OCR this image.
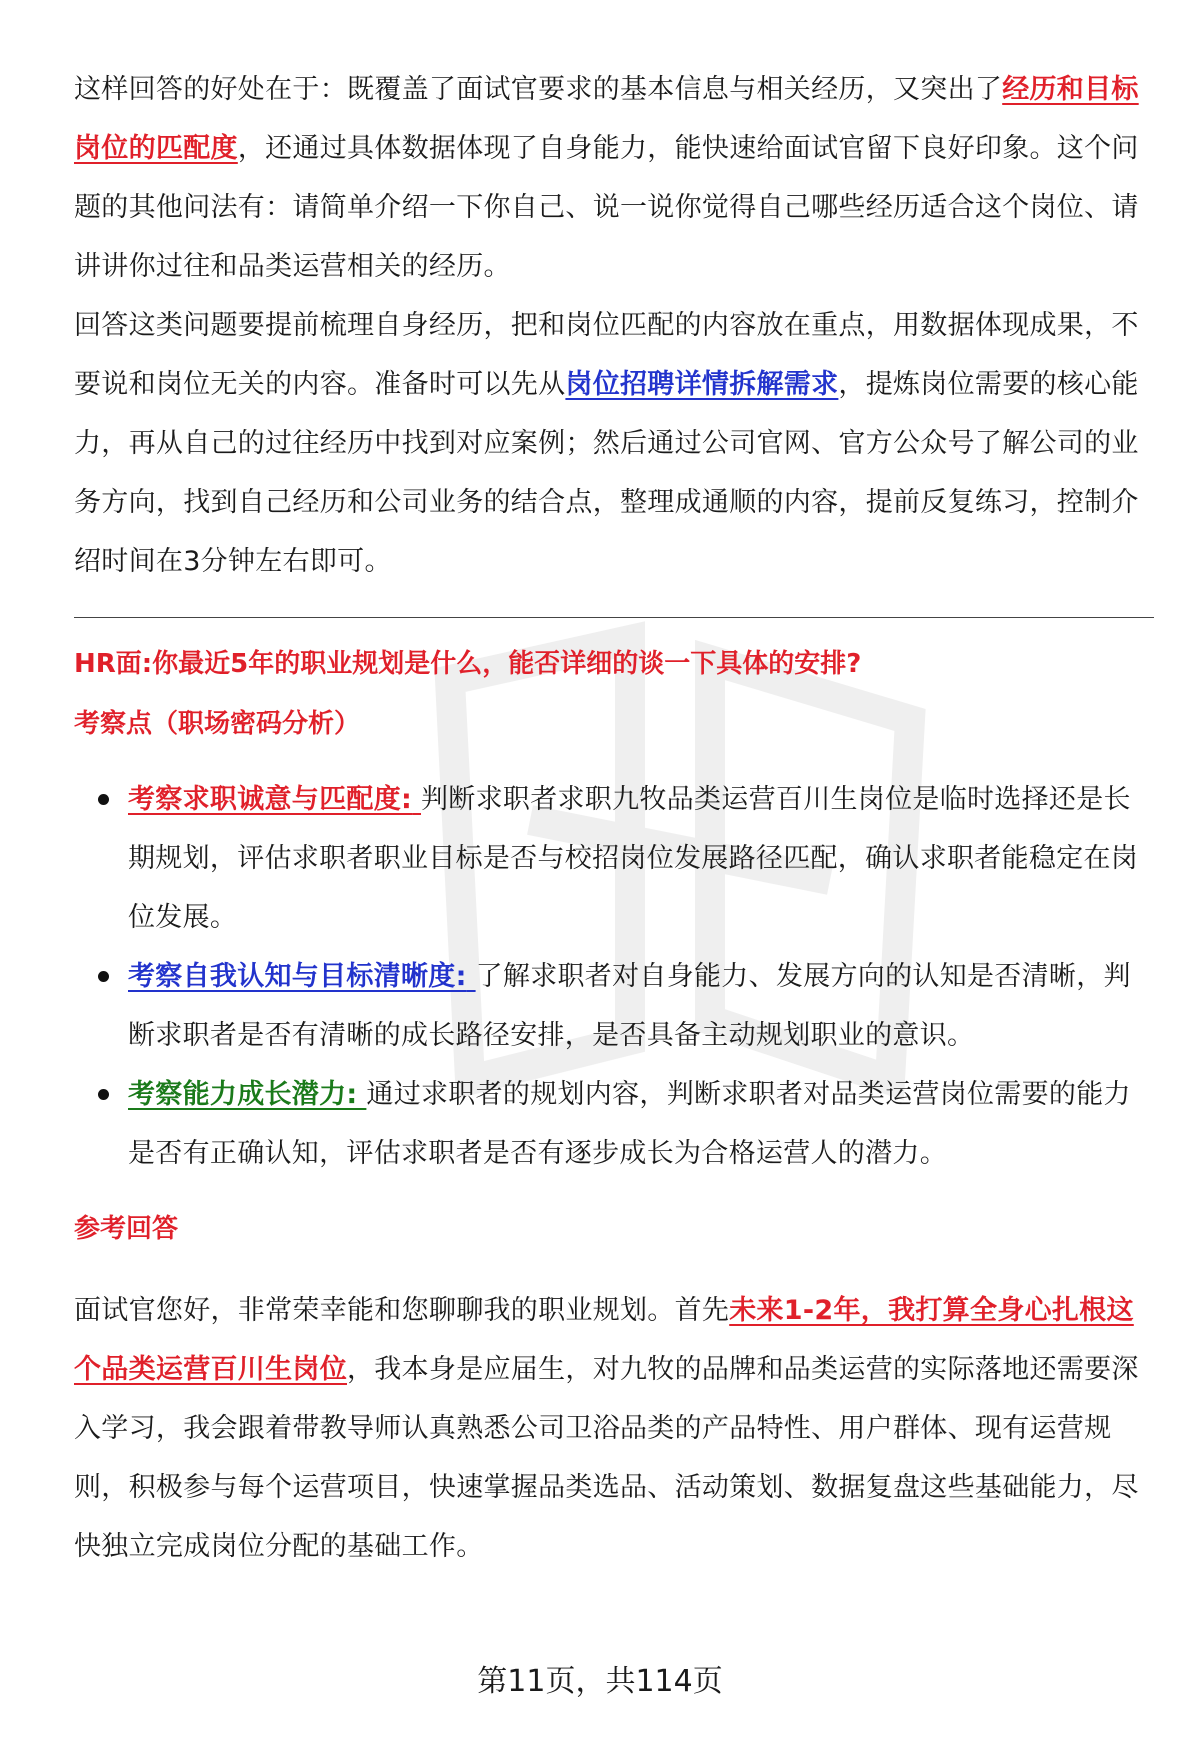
这样回答的好处在于：既覆盖了面试官要求的基本信息与相关经历，又突出了经历和目标岗位的匹配度，还通过具体数据体现了自身能力，能快速给面试官留下良好印象。这个问题的其他问法有：请简单介绍一下你自己、说一说你觉得自己哪些经历适合这个岗位、请讲讲你过往和品类运营相关的经历。

回答这类问题要提前梳理自身经历，把和岗位匹配的内容放在重点，用数据体现成果，不要说和岗位无关的内容。准备时可以先从岗位招聘详情拆解需求，提炼岗位需要的核心能力，再从自己的过往经历中找到对应案例；然后通过公司官网、官方公众号了解公司的业务方向，找到自己经历和公司业务的结合点，整理成通顺的内容，提前反复练习，控制介绍时间在3分钟左右即可。

HR面:你最近5年的职业规划是什么，能否详细的谈一下具体的安排?
考察点（职场密码分析）
考察求职诚意与匹配度: 判断求职者求职九牧品类运营百川生岗位是临时选择还是长期规划，评估求职者职业目标是否与校招岗位发展路径匹配，确认求职者能稳定在岗位发展。
考察自我认知与目标清晰度: 了解求职者对自身能力、发展方向的认知是否清晰，判断求职者是否有清晰的成长路径安排，是否具备主动规划职业的意识。
考察能力成长潜力: 通过求职者的规划内容，判断求职者对品类运营岗位需要的能力是否有正确认知，评估求职者是否有逐步成长为合格运营人的潜力。
参考回答

面试官您好，非常荣幸能和您聊聊我的职业规划。首先未来1-2年，我打算全身心扎根这个品类运营百川生岗位，我本身是应届生，对九牧的品牌和品类运营的实际落地还需要深入学习，我会跟着带教导师认真熟悉公司卫浴品类的产品特性、用户群体、现有运营规则，积极参与每个运营项目，快速掌握品类选品、活动策划、数据复盘这些基础能力，尽快独立完成岗位分配的基础工作。

第11页，共114页
